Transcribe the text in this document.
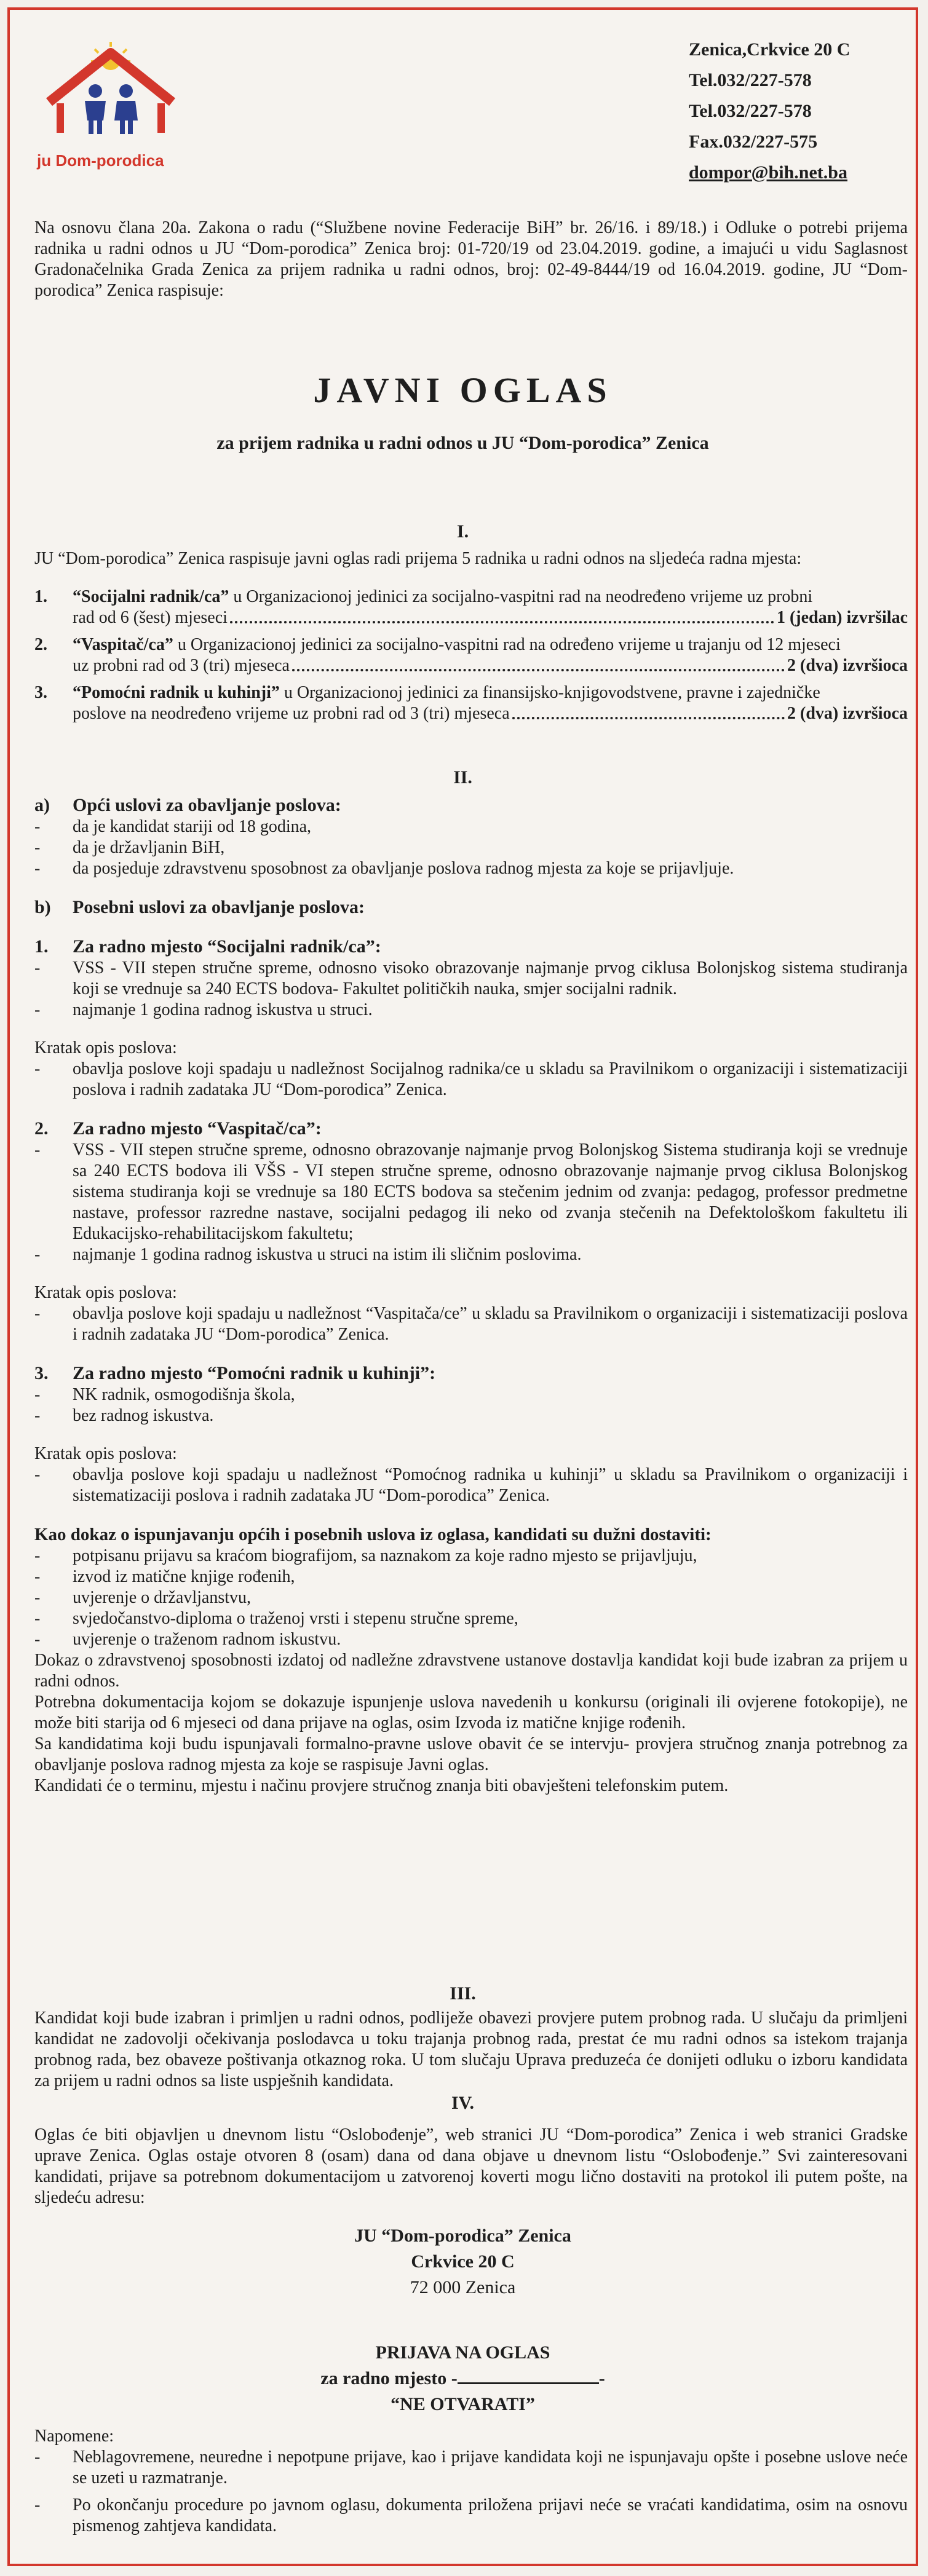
ju Dom-porodica
Zenica,Crkvice 20 C
Tel.032/227-578
Tel.032/227-578
Fax.032/227-575
dompor@bih.net.ba
Na osnovu člana 20a. Zakona o radu (“Službene novine Federacije BiH” br. 26/16. i 89/18.) i Odluke o potrebi prijema radnika u radni odnos u JU “Dom-porodica” Zenica broj: 01-720/19 od 23.04.2019. godine, a imajući u vidu Saglasnost Gradonačelnika Grada Zenica za prijem radnika u radni odnos, broj: 02-49-8444/19 od 16.04.2019. godine, JU “Dom-porodica” Zenica raspisuje:
JAVNI OGLAS
za prijem radnika u radni odnos u JU “Dom-porodica” Zenica
I.
JU “Dom-porodica” Zenica raspisuje javni oglas radi prijema 5 radnika u radni odnos na sljedeća radna mjesta:
1.	“Socijalni radnik/ca” u Organizacionoj jedinici za socijalno-vaspitni rad na neodređeno vrijeme uz probni
rad od 6 (šest) mjeseci	1 (jedan) izvršilac
2.	“Vaspitač/ca” u Organizacionoj jedinici za socijalno-vaspitni rad na određeno vrijeme u trajanju od 12 mjeseci
uz probni rad od 3 (tri) mjeseca	2 (dva) izvršioca
3.	“Pomoćni radnik u kuhinji” u Organizacionoj jedinici za finansijsko-knjigovodstvene, pravne i zajedničke
poslove na neodređeno vrijeme uz probni rad od 3 (tri) mjeseca	2 (dva) izvršioca
II.
a)	Opći uslovi za obavljanje poslova:
-	da je kandidat stariji od 18 godina,
-	da je državljanin BiH,
-	da posjeduje zdravstvenu sposobnost za obavljanje poslova radnog mjesta za koje se prijavljuje.
b)	Posebni uslovi za obavljanje poslova:
1.	Za radno mjesto “Socijalni radnik/ca”:
-	VSS - VII stepen stručne spreme, odnosno visoko obrazovanje najmanje prvog ciklusa Bolonjskog sistema studiranja koji se vrednuje sa 240 ECTS bodova- Fakultet političkih nauka, smjer socijalni radnik.
-	najmanje 1 godina radnog iskustva u struci.
Kratak opis poslova:
-	obavlja poslove koji spadaju u nadležnost Socijalnog radnika/ce u skladu sa Pravilnikom o organizaciji i sistematizaciji poslova i radnih zadataka JU “Dom-porodica” Zenica.
2.	Za radno mjesto “Vaspitač/ca”:
-	VSS - VII stepen stručne spreme, odnosno obrazovanje najmanje prvog Bolonjskog Sistema studiranja koji se vrednuje sa 240 ECTS bodova ili VŠS - VI stepen stručne spreme, odnosno obrazovanje najmanje prvog ciklusa Bolonjskog sistema studiranja koji se vrednuje sa 180 ECTS bodova sa stečenim jednim od zvanja: pedagog, professor predmetne nastave, professor razredne nastave, socijalni pedagog ili neko od zvanja stečenih na Defektološkom fakultetu ili Edukacijsko-rehabilitacijskom fakultetu;
-	najmanje 1 godina radnog iskustva u struci na istim ili sličnim poslovima.
Kratak opis poslova:
-	obavlja poslove koji spadaju u nadležnost “Vaspitača/ce” u skladu sa Pravilnikom o organizaciji i sistematizaciji poslova i radnih zadataka JU “Dom-porodica” Zenica.
3.	Za radno mjesto “Pomoćni radnik u kuhinji”:
-	NK radnik, osmogodišnja škola,
-	bez radnog iskustva.
Kratak opis poslova:
-	obavlja poslove koji spadaju u nadležnost “Pomoćnog radnika u kuhinji” u skladu sa Pravilnikom o organizaciji i sistematizaciji poslova i radnih zadataka JU “Dom-porodica” Zenica.
Kao dokaz o ispunjavanju općih i posebnih uslova iz oglasa, kandidati su dužni dostaviti:
-	potpisanu prijavu sa kraćom biografijom, sa naznakom za koje radno mjesto se prijavljuju,
-	izvod iz matične knjige rođenih,
-	uvjerenje o državljanstvu,
-	svjedočanstvo-diploma o traženoj vrsti i stepenu stručne spreme,
-	uvjerenje o traženom radnom iskustvu.
Dokaz o zdravstvenoj sposobnosti izdatoj od nadležne zdravstvene ustanove dostavlja kandidat koji bude izabran za prijem u radni odnos.
Potrebna dokumentacija kojom se dokazuje ispunjenje uslova navedenih u konkursu (originali ili ovjerene fotokopije), ne može biti starija od 6 mjeseci od dana prijave na oglas, osim Izvoda iz matične knjige rođenih.
Sa kandidatima koji budu ispunjavali formalno-pravne uslove obavit će se intervju- provjera stručnog znanja potrebnog za obavljanje poslova radnog mjesta za koje se raspisuje Javni oglas.
Kandidati će o terminu, mjestu i načinu provjere stručnog znanja biti obavješteni telefonskim putem.
III.
Kandidat koji bude izabran i primljen u radni odnos, podliježe obavezi provjere putem probnog rada. U slučaju da primljeni kandidat ne zadovolji očekivanja poslodavca u toku trajanja probnog rada, prestat će mu radni odnos sa istekom trajanja probnog rada, bez obaveze poštivanja otkaznog roka. U tom slučaju Uprava preduzeća će donijeti odluku o izboru kandidata za prijem u radni odnos sa liste uspješnih kandidata.
IV.
Oglas će biti objavljen u dnevnom listu “Oslobođenje”, web stranici JU “Dom-porodica” Zenica i web stranici Gradske uprave Zenica. Oglas ostaje otvoren 8 (osam) dana od dana objave u dnevnom listu “Oslobođenje.” Svi zainteresovani kandidati, prijave sa potrebnom dokumentacijom u zatvorenoj koverti mogu lično dostaviti na protokol ili putem pošte, na sljedeću adresu:
JU “Dom-porodica” Zenica
Crkvice 20 C
72 000 Zenica
PRIJAVA NA OGLAS
za radno mjesto -	-
“NE OTVARATI”
Napomene:
-	Neblagovremene, neuredne i nepotpune prijave, kao i prijave kandidata koji ne ispunjavaju opšte i posebne uslove neće se uzeti u razmatranje.
-	Po okončanju procedure po javnom oglasu, dokumenta priložena prijavi neće se vraćati kandidatima, osim na osnovu pismenog zahtjeva kandidata.
